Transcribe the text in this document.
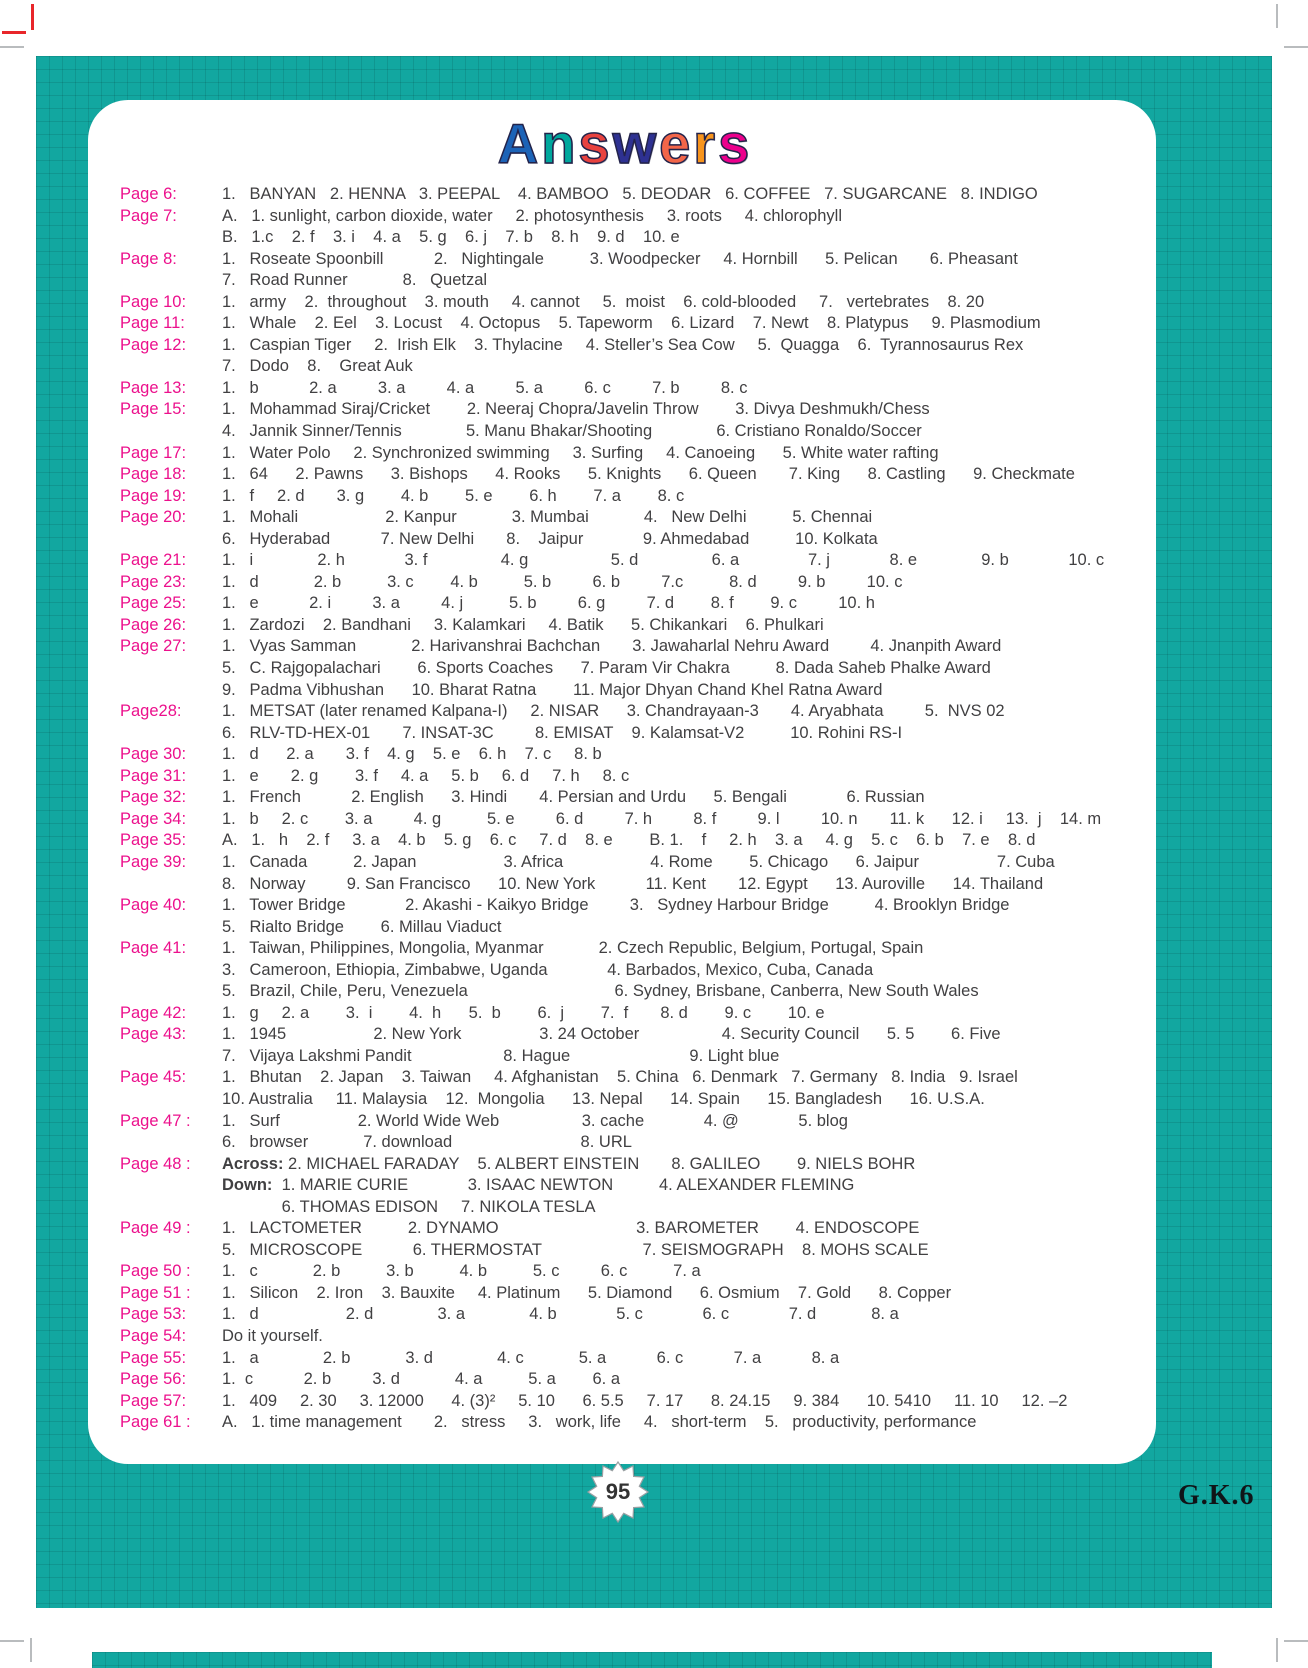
Answers
Page 6:	1.   BANYAN   2. HENNA   3. PEEPAL    4. BAMBOO   5. DEODAR   6. COFFEE   7. SUGARCANE   8. INDIGO
Page 7:	A.   1. sunlight, carbon dioxide, water     2. photosynthesis     3. roots     4. chlorophyll
B.   1.c    2. f    3. i    4. a    5. g    6. j    7. b    8. h    9. d    10. e
Page 8:	1.   Roseate Spoonbill           2.   Nightingale          3. Woodpecker     4. Hornbill      5. Pelican       6. Pheasant
7.   Road Runner            8.   Quetzal
Page 10:	1.   army    2.  throughout    3. mouth     4. cannot     5.  moist    6. cold-blooded     7.   vertebrates    8. 20
Page 11:	1.   Whale    2. Eel    3. Locust    4. Octopus    5. Tapeworm    6. Lizard    7. Newt    8. Platypus     9. Plasmodium
Page 12:	1.   Caspian Tiger     2.  Irish Elk    3. Thylacine     4. Steller’s Sea Cow     5.  Quagga    6.  Tyrannosaurus Rex
7.   Dodo    8.    Great Auk
Page 13:	1.   b           2. a         3. a         4. a         5. a         6. c         7. b         8. c
Page 15:	1.   Mohammad Siraj/Cricket        2. Neeraj Chopra/Javelin Throw        3. Divya Deshmukh/Chess
4.   Jannik Sinner/Tennis              5. Manu Bhakar/Shooting              6. Cristiano Ronaldo/Soccer
Page 17:	1.   Water Polo     2. Synchronized swimming     3. Surfing     4. Canoeing      5. White water rafting
Page 18:	1.   64      2. Pawns      3. Bishops      4. Rooks      5. Knights      6. Queen       7. King      8. Castling      9. Checkmate
Page 19:	1.   f     2. d       3. g        4. b        5. e        6. h        7. a        8. c
Page 20:	1.   Mohali                   2. Kanpur            3. Mumbai            4.   New Delhi          5. Chennai
6.   Hyderabad           7. New Delhi       8.    Jaipur             9. Ahmedabad          10. Kolkata
Page 21:	1.   i              2. h             3. f                4. g                  5. d                6. a               7. j             8. e              9. b             10. c
Page 23:	1.   d            2. b          3. c        4. b          5. b         6. b         7.c          8. d         9. b         10. c
Page 25:	1.   e           2. i         3. a         4. j          5. b         6. g         7. d        8. f        9. c         10. h
Page 26:	1.   Zardozi    2. Bandhani     3. Kalamkari     4. Batik      5. Chikankari    6. Phulkari
Page 27:	1.   Vyas Samman            2. Harivanshrai Bachchan       3. Jawaharlal Nehru Award         4. Jnanpith Award
5.   C. Rajgopalachari        6. Sports Coaches      7. Param Vir Chakra          8. Dada Saheb Phalke Award
9.   Padma Vibhushan      10. Bharat Ratna        11. Major Dhyan Chand Khel Ratna Award
Page28:	1.   METSAT (later renamed Kalpana-I)     2. NISAR      3. Chandrayaan-3       4. Aryabhata         5.  NVS 02
6.   RLV-TD-HEX-01       7. INSAT-3C         8. EMISAT    9. Kalamsat-V2          10. Rohini RS-I
Page 30:	1.   d      2. a       3. f    4. g    5. e    6. h    7. c     8. b
Page 31:	1.   e       2. g        3. f     4. a     5. b     6. d     7. h     8. c
Page 32:	1.   French           2. English      3. Hindi       4. Persian and Urdu      5. Bengali             6. Russian
Page 34:	1.   b     2. c        3. a         4. g          5. e         6. d         7. h         8. f         9. l         10. n       11. k      12. i     13.  j    14. m
Page 35:	A.   1.   h    2. f     3. a    4. b    5. g    6. c     7. d    8. e        B. 1.    f     2. h    3. a     4. g    5. c    6. b    7. e    8. d
Page 39:	1.   Canada          2. Japan                   3. Africa                   4. Rome        5. Chicago      6. Jaipur                 7. Cuba
8.   Norway         9. San Francisco      10. New York           11. Kent       12. Egypt      13. Auroville      14. Thailand
Page 40:	1.   Tower Bridge             2. Akashi - Kaikyo Bridge         3.   Sydney Harbour Bridge          4. Brooklyn Bridge
5.   Rialto Bridge        6. Millau Viaduct
Page 41:	1.   Taiwan, Philippines, Mongolia, Myanmar            2. Czech Republic, Belgium, Portugal, Spain
3.   Cameroon, Ethiopia, Zimbabwe, Uganda             4. Barbados, Mexico, Cuba, Canada
5.   Brazil, Chile, Peru, Venezuela                                6. Sydney, Brisbane, Canberra, New South Wales
Page 42:	1.   g     2. a        3.  i        4.  h      5.  b        6.  j        7.  f       8. d        9. c        10. e
Page 43:	1.   1945                   2. New York                 3. 24 October                  4. Security Council      5. 5        6. Five
7.   Vijaya Lakshmi Pandit                    8. Hague                          9. Light blue
Page 45:	1.   Bhutan    2. Japan    3. Taiwan     4. Afghanistan    5. China   6. Denmark   7. Germany   8. India   9. Israel
10. Australia     11. Malaysia    12.  Mongolia      13. Nepal      14. Spain      15. Bangladesh      16. U.S.A.
Page 47 :	1.   Surf                 2. World Wide Web                  3. cache             4. @             5. blog
6.   browser            7. download                            8. URL
Page 48 :	Across: 2. MICHAEL FARADAY    5. ALBERT EINSTEIN       8. GALILEO        9. NIELS BOHR
Down:  1. MARIE CURIE             3. ISAAC NEWTON          4. ALEXANDER FLEMING
6. THOMAS EDISON     7. NIKOLA TESLA
Page 49 :	1.   LACTOMETER          2. DYNAMO                              3. BAROMETER        4. ENDOSCOPE
5.   MICROSCOPE           6. THERMOSTAT                      7. SEISMOGRAPH    8. MOHS SCALE
Page 50 :	1.   c            2. b          3. b          4. b          5. c         6. c          7. a
Page 51 :	1.   Silicon    2. Iron    3. Bauxite     4. Platinum      5. Diamond      6. Osmium    7. Gold      8. Copper
Page 53:	1.   d                   2. d              3. a              4. b             5. c             6. c             7. d            8. a
Page 54:	Do it yourself.
Page 55:	1.   a              2. b            3. d              4. c            5. a           6. c           7. a           8. a
Page 56:	1.  c           2. b         3. d            4. a          5. a        6. a
Page 57:	1.   409     2. 30     3. 12000      4. (3)²     5. 10      6. 5.5     7. 17      8. 24.15     9. 384      10. 5410     11. 10     12. –2
Page 61 :	A.   1. time management       2.   stress     3.   work, life     4.   short-term    5.   productivity, performance
95	G.K.6
